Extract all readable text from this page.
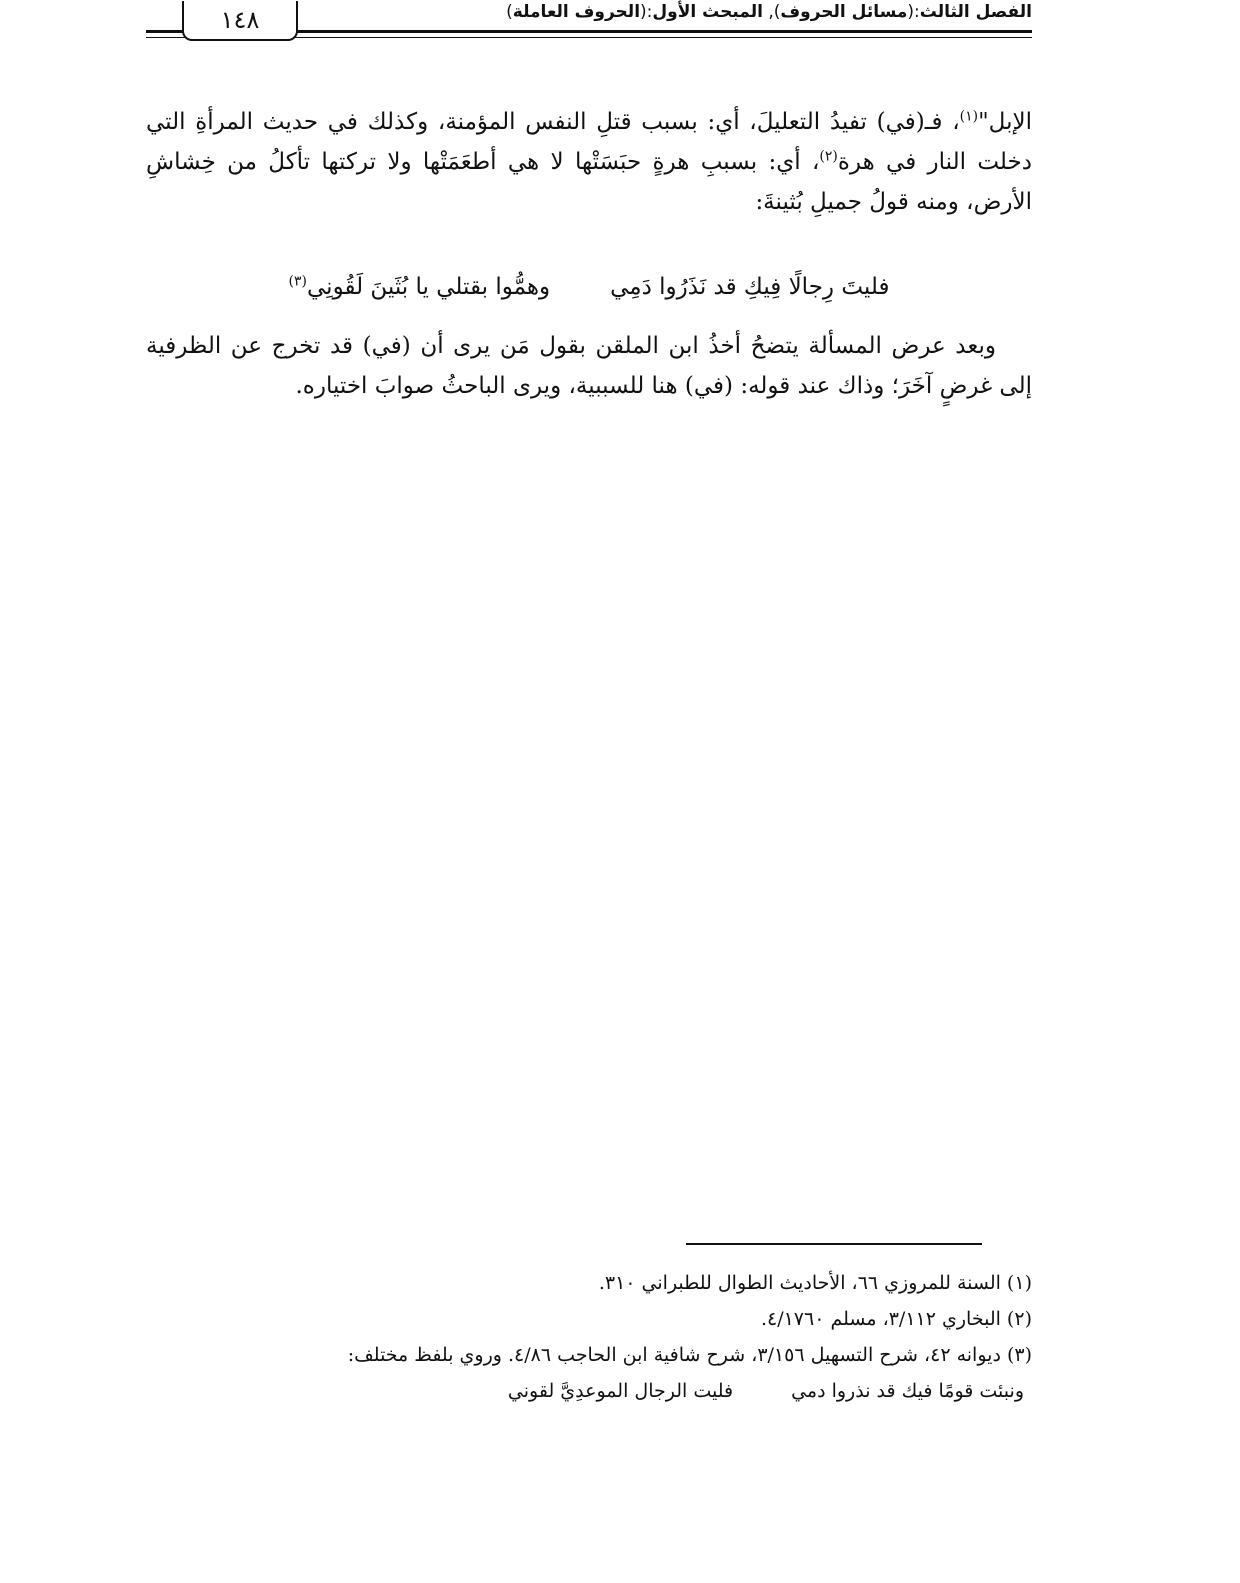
١٤٨	الفصل الثالث:(مسائل الحروف), المبحث الأول:(الحروف العاملة)

الإبل"$^{(١)}$، فـ(في) تفيدُ التعليلَ، أي: بسبب قتلِ النفس المؤمنة، وكذلك في حديث المرأةِ التي دخلت النار في هرة$^{(٢)}$، أي: بسببِ هرةٍ حبَسَتْها لا هي أطعَمَتْها ولا تركتها تأكلُ من خِشاشِ الأرض، ومنه قولُ جميلِ بُثينةَ:

فليتَ رِجالًا فِيكِ قد نَذَرُوا دَمِي
وهمُّوا بقتلي يا بُثَينَ لَقُونِي$^{(٣)}$

وبعد عرض المسألة يتضحُ أخذُ ابن الملقن بقول مَن يرى أن (في) قد تخرج عن الظرفية إلى غرضٍ آخَرَ؛ وذاك عند قوله: (في) هنا للسببية، ويرى الباحثُ صوابَ اختياره.

(١) السنة للمروزي ٦٦، الأحاديث الطوال للطبراني ٣١٠.

(٢) البخاري ٣/١١٢، مسلم ٤/١٧٦٠.

(٣) ديوانه ٤٢، شرح التسهيل ٣/١٥٦، شرح شافية ابن الحاجب ٤/٨٦. وروي بلفظ مختلف:

ونبئت قومًا فيك قد نذروا دمي
فليت الرجال الموعدِيَّ لقوني
